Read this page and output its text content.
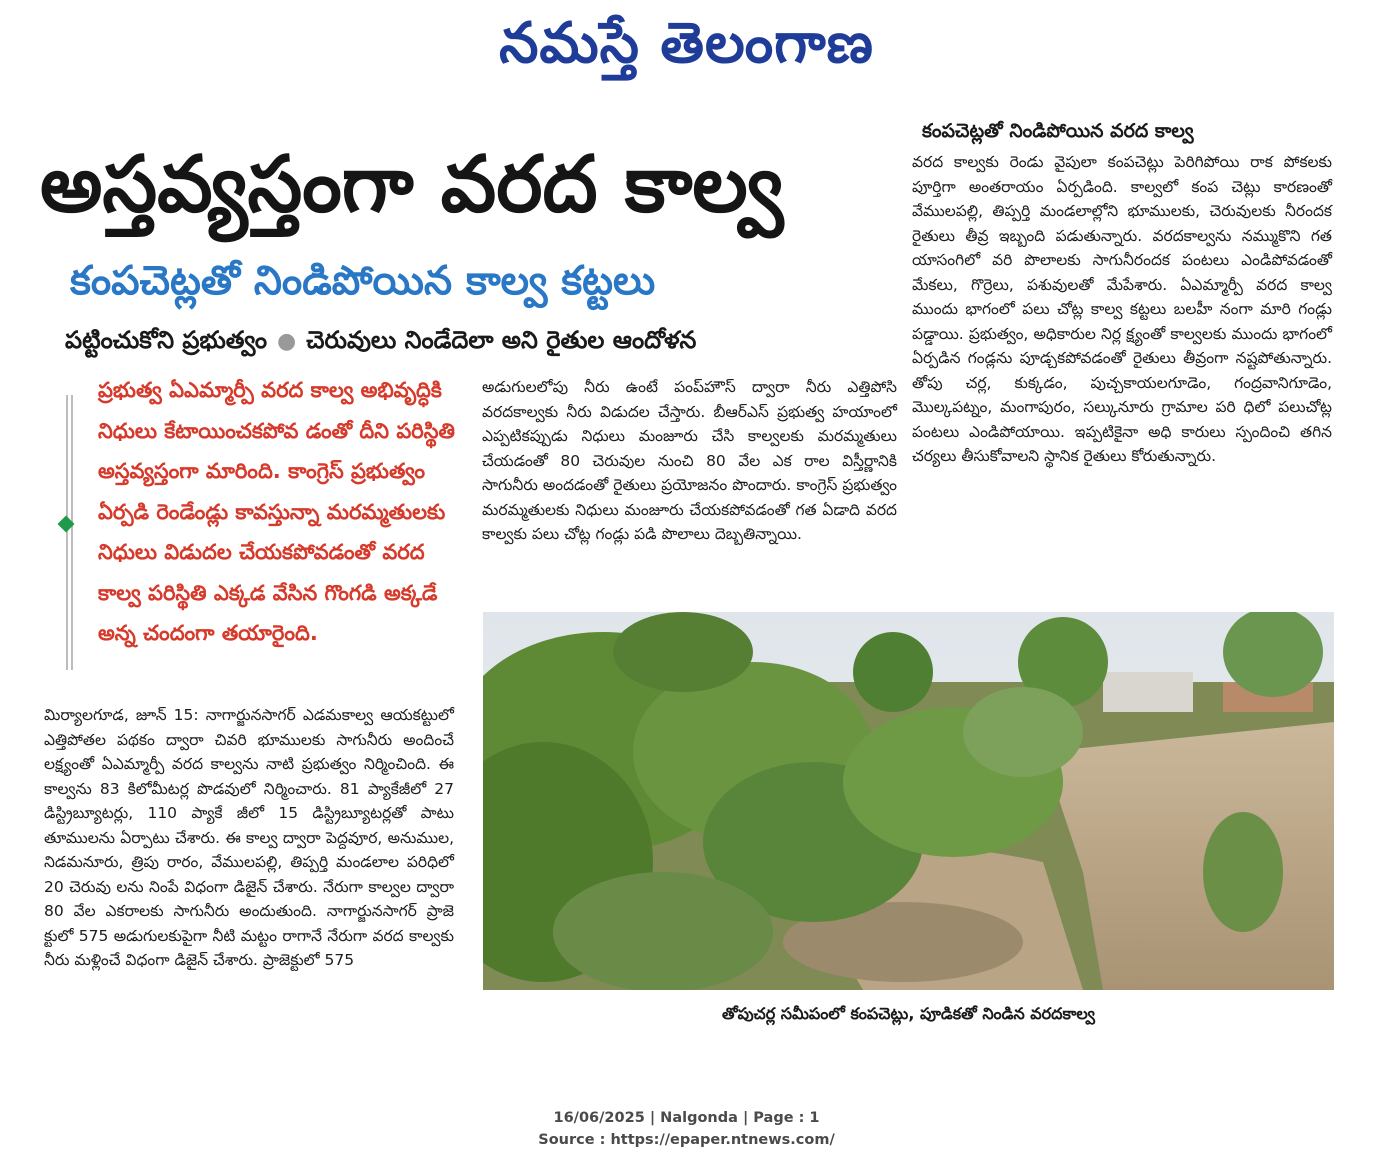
నమస్తే తెలంగాణ
అస్తవ్యస్తంగా వరద కాల్వ
కంపచెట్లతో నిండిపోయిన కాల్వ కట్టలు
పట్టించుకోని ప్రభుత్వం ● చెరువులు నిండేదెలా అని రైతుల ఆందోళన
ప్రభుత్వ ఏఎమ్మార్పీ వరద కాల్వ అభివృద్ధికి నిధులు కేటాయించకపోవ డంతో దీని పరిస్థితి అస్తవ్యస్తంగా మారింది. కాంగ్రెస్ ప్రభుత్వం ఏర్పడి రెండేండ్లు కావస్తున్నా మరమ్మతులకు నిధులు విడుదల చేయకపోవడంతో వరద కాల్వ పరిస్థితి ఎక్కడ వేసిన గొంగడి అక్కడే అన్న చందంగా తయారైంది.
మిర్యాలగూడ, జూన్ 15: నాగార్జునసాగర్ ఎడమకాల్వ ఆయకట్టులో ఎత్తిపోతల పథకం ద్వారా చివరి భూములకు సాగునీరు అందించే లక్ష్యంతో ఏఎమ్మార్పీ వరద కాల్వను నాటి ప్రభుత్వం నిర్మించింది. ఈ కాల్వను 83 కిలోమీటర్ల పొడవులో నిర్మించారు. 81 ప్యాకేజీలో 27 డిస్ట్రిబ్యూటర్లు, 110 ప్యాకే జీలో 15 డిస్ట్రిబ్యూటర్లతో పాటు తూములను ఏర్పాటు చేశారు. ఈ కాల్వ ద్వారా పెద్దవూర, అనుముల, నిడమనూరు, త్రిపు రారం, వేములపల్లి, తిప్పర్తి మండలాల పరిధిలో 20 చెరువు లను నింపే విధంగా డిజైన్ చేశారు. నేరుగా కాల్వల ద్వారా 80 వేల ఎకరాలకు సాగునీరు అందుతుంది. నాగార్జునసాగర్ ప్రాజె క్టులో 575 అడుగులకుపైగా నీటి మట్టం రాగానే నేరుగా వరద కాల్వకు నీరు మళ్లించే విధంగా డిజైన్ చేశారు. ప్రాజెక్టులో 575
అడుగులలోపు నీరు ఉంటే పంప్‌హౌస్ ద్వారా నీరు ఎత్తిపోసి వరదకాల్వకు నీరు విడుదల చేస్తారు. బీఆర్‌ఎస్ ప్రభుత్వ హయాంలో ఎప్పటికప్పుడు నిధులు మంజూరు చేసి కాల్వలకు మరమ్మతులు చేయడంతో 80 చెరువుల నుంచి 80 వేల ఎక రాల విస్తీర్ణానికి సాగునీరు అందడంతో రైతులు ప్రయోజనం పొందారు. కాంగ్రెస్ ప్రభుత్వం మరమ్మతులకు నిధులు మంజూరు చేయకపోవడంతో గత ఏడాది వరద కాల్వకు పలు చోట్ల గండ్లు పడి పొలాలు దెబ్బతిన్నాయి.
కంపచెట్లతో నిండిపోయిన వరద కాల్వ
వరద కాల్వకు రెండు వైపులా కంపచెట్లు పెరిగిపోయి రాక పోకలకు పూర్తిగా అంతరాయం ఏర్పడింది. కాల్వలో కంప చెట్లు కారణంతో వేములపల్లి, తిప్పర్తి మండలాల్లోని భూములకు, చెరువులకు నీరందక రైతులు తీవ్ర ఇబ్బంది పడుతున్నారు. వరదకాల్వను నమ్ముకొని గత యాసంగిలో వరి పొలాలకు సాగునీరందక పంటలు ఎండిపోవడంతో మేకలు, గొర్రెలు, పశువులతో మేపేశారు. ఏఎమ్మార్పీ వరద కాల్వ ముందు భాగంలో పలు చోట్ల కాల్వ కట్టలు బలహీ నంగా మారి గండ్లు పడ్డాయి. ప్రభుత్వం, అధికారుల నిర్ల క్ష్యంతో కాల్వలకు ముందు భాగంలో ఏర్పడిన గండ్లను పూడ్చకపోవడంతో రైతులు తీవ్రంగా నష్టపోతున్నారు. తోపు చర్ల, కుక్కడం, పుచ్చకాయలగూడెం, గంద్రవానిగూడెం, మొల్కపట్నం, మంగాపురం, సల్కునూరు గ్రామాల పరి ధిలో పలుచోట్ల పంటలు ఎండిపోయాయి. ఇప్పటికైనా అధి కారులు స్పందించి తగిన చర్యలు తీసుకోవాలని స్థానిక రైతులు కోరుతున్నారు.
తోపుచర్ల సమీపంలో కంపచెట్లు, పూడికతో నిండిన వరదకాల్వ
16/06/2025 | Nalgonda | Page : 1
Source : https://epaper.ntnews.com/
